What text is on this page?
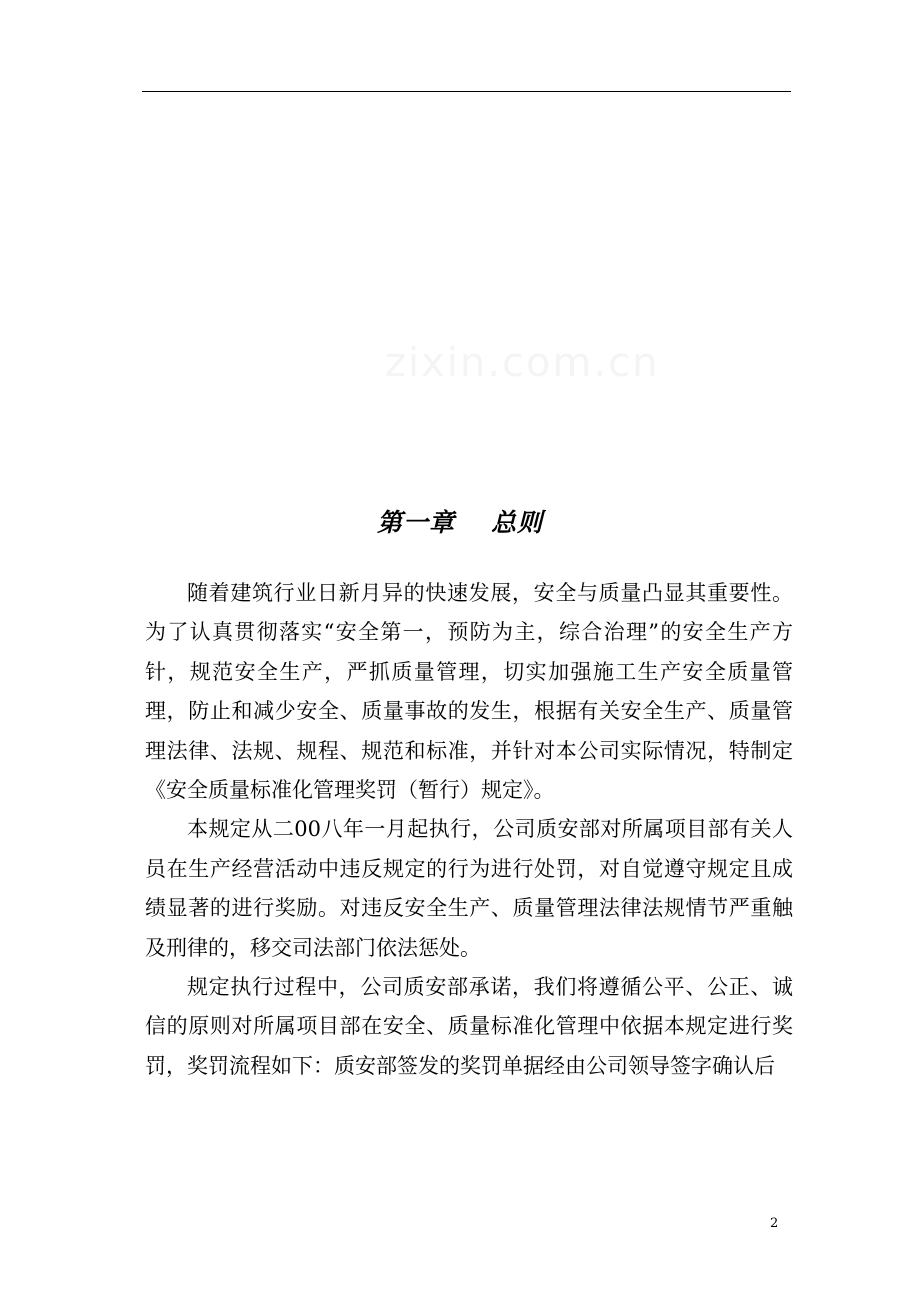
第一章 总则

随着建筑行业日新月异的快速发展，安全与质量凸显其重要性。为了认真贯彻落实“安全第一，预防为主，综合治理”的安全生产方针，规范安全生产，严抓质量管理，切实加强施工生产安全质量管理，防止和减少安全、质量事故的发生，根据有关安全生产、质量管理法律、法规、规程、规范和标准，并针对本公司实际情况，特制定《安全质量标准化管理奖罚（暂行）规定》。

本规定从二00八年一月起执行，公司质安部对所属项目部有关人员在生产经营活动中违反规定的行为进行处罚，对自觉遵守规定且成绩显著的进行奖励。对违反安全生产、质量管理法律法规情节严重触及刑律的，移交司法部门依法惩处。

规定执行过程中，公司质安部承诺，我们将遵循公平、公正、诚信的原则对所属项目部在安全、质量标准化管理中依据本规定进行奖罚，奖罚流程如下：质安部签发的奖罚单据经由公司领导签字确认后

2
